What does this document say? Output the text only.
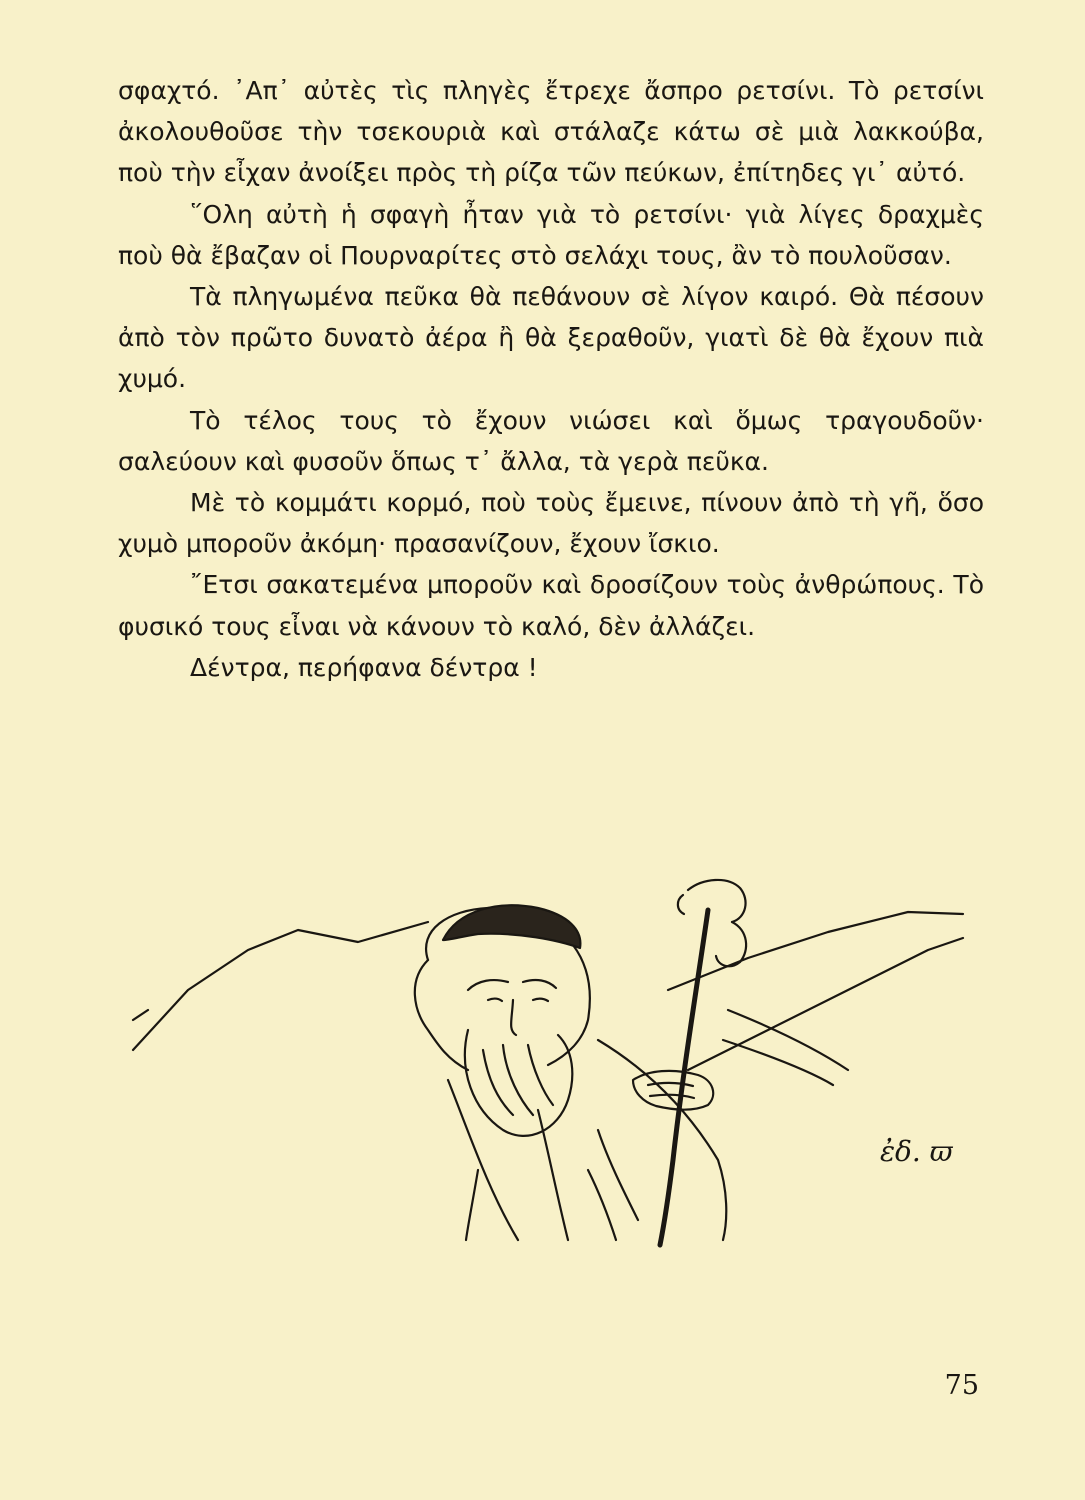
σφαχτό. ᾿Απ᾿ αὐτὲς τὶς πληγὲς ἔτρεχε ἄσπρο ρετσίνι. Τὸ ρετσίνι ἀκολουθοῦσε τὴν τσεκουριὰ καὶ στάλαζε κάτω σὲ μιὰ λακκούβα, ποὺ τὴν εἶχαν ἀνοίξει πρὸς τὴ ρίζα τῶν πεύκων, ἐπίτηδες γι᾿ αὐτό.

῞Ολη αὐτὴ ἡ σφαγὴ ἦταν γιὰ τὸ ρετσίνι· γιὰ λίγες δραχμὲς ποὺ θὰ ἔβαζαν οἱ Πουρναρίτες στὸ σελάχι τους, ἂν τὸ πουλοῦσαν.

Τὰ πληγωμένα πεῦκα θὰ πεθάνουν σὲ λίγον καιρό. Θὰ πέσουν ἀπὸ τὸν πρῶτο δυνατὸ ἀέρα ἢ θὰ ξεραθοῦν, γιατὶ δὲ θὰ ἔχουν πιὰ χυμό.

Τὸ τέλος τους τὸ ἔχουν νιώσει καὶ ὅμως τραγουδοῦν· σαλεύουν καὶ φυσοῦν ὅπως τ᾿ ἄλλα, τὰ γερὰ πεῦκα.

Μὲ τὸ κομμάτι κορμό, ποὺ τοὺς ἔμεινε, πίνουν ἀπὸ τὴ γῆ, ὅσο χυμὸ μποροῦν ἀκόμη· πρασανίζουν, ἔχουν ἴσκιο.

῎Ετσι σακατεμένα μποροῦν καὶ δροσίζουν τοὺς ἀνθρώπους. Τὸ φυσικό τους εἶναι νὰ κάνουν τὸ καλό, δὲν ἀλλάζει.

Δέντρα, περήφανα δέντρα !

ἐδ. ϖ
75
